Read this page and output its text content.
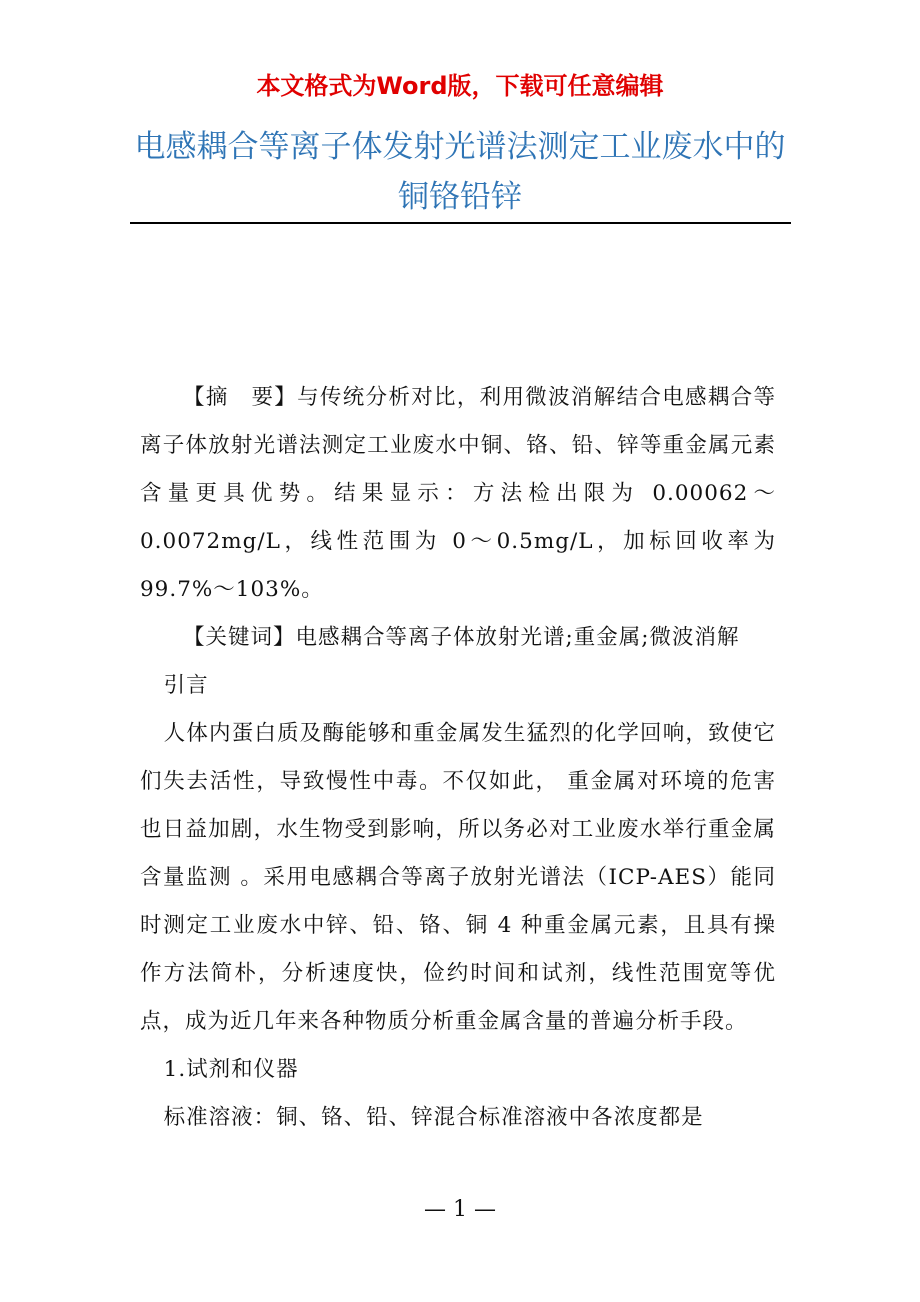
本文格式为Word版，下载可任意编辑
电感耦合等离子体发射光谱法测定工业废水中的铜铬铅锌

【摘　要】与传统分析对比，利用微波消解结合电感耦合等离子体放射光谱法测定工业废水中铜、铬、铅、锌等重金属元素含量更具优势。结果显示：方法检出限为 0.00062～0.0072mg/L，线性范围为 0～0.5mg/L，加标回收率为 99.7%～103%。

【关键词】电感耦合等离子体放射光谱;重金属;微波消解

引言

人体内蛋白质及酶能够和重金属发生猛烈的化学回响，致使它们失去活性，导致慢性中毒。不仅如此， 重金属对环境的危害也日益加剧，水生物受到影响，所以务必对工业废水举行重金属含量监测 。采用电感耦合等离子放射光谱法（ICP-AES）能同时测定工业废水中锌、铅、铬、铜 4 种重金属元素，且具有操作方法简朴，分析速度快，俭约时间和试剂，线性范围宽等优点，成为近几年来各种物质分析重金属含量的普遍分析手段。

1.试剂和仪器

标准溶液：铜、铬、铅、锌混合标准溶液中各浓度都是

— 1 —
